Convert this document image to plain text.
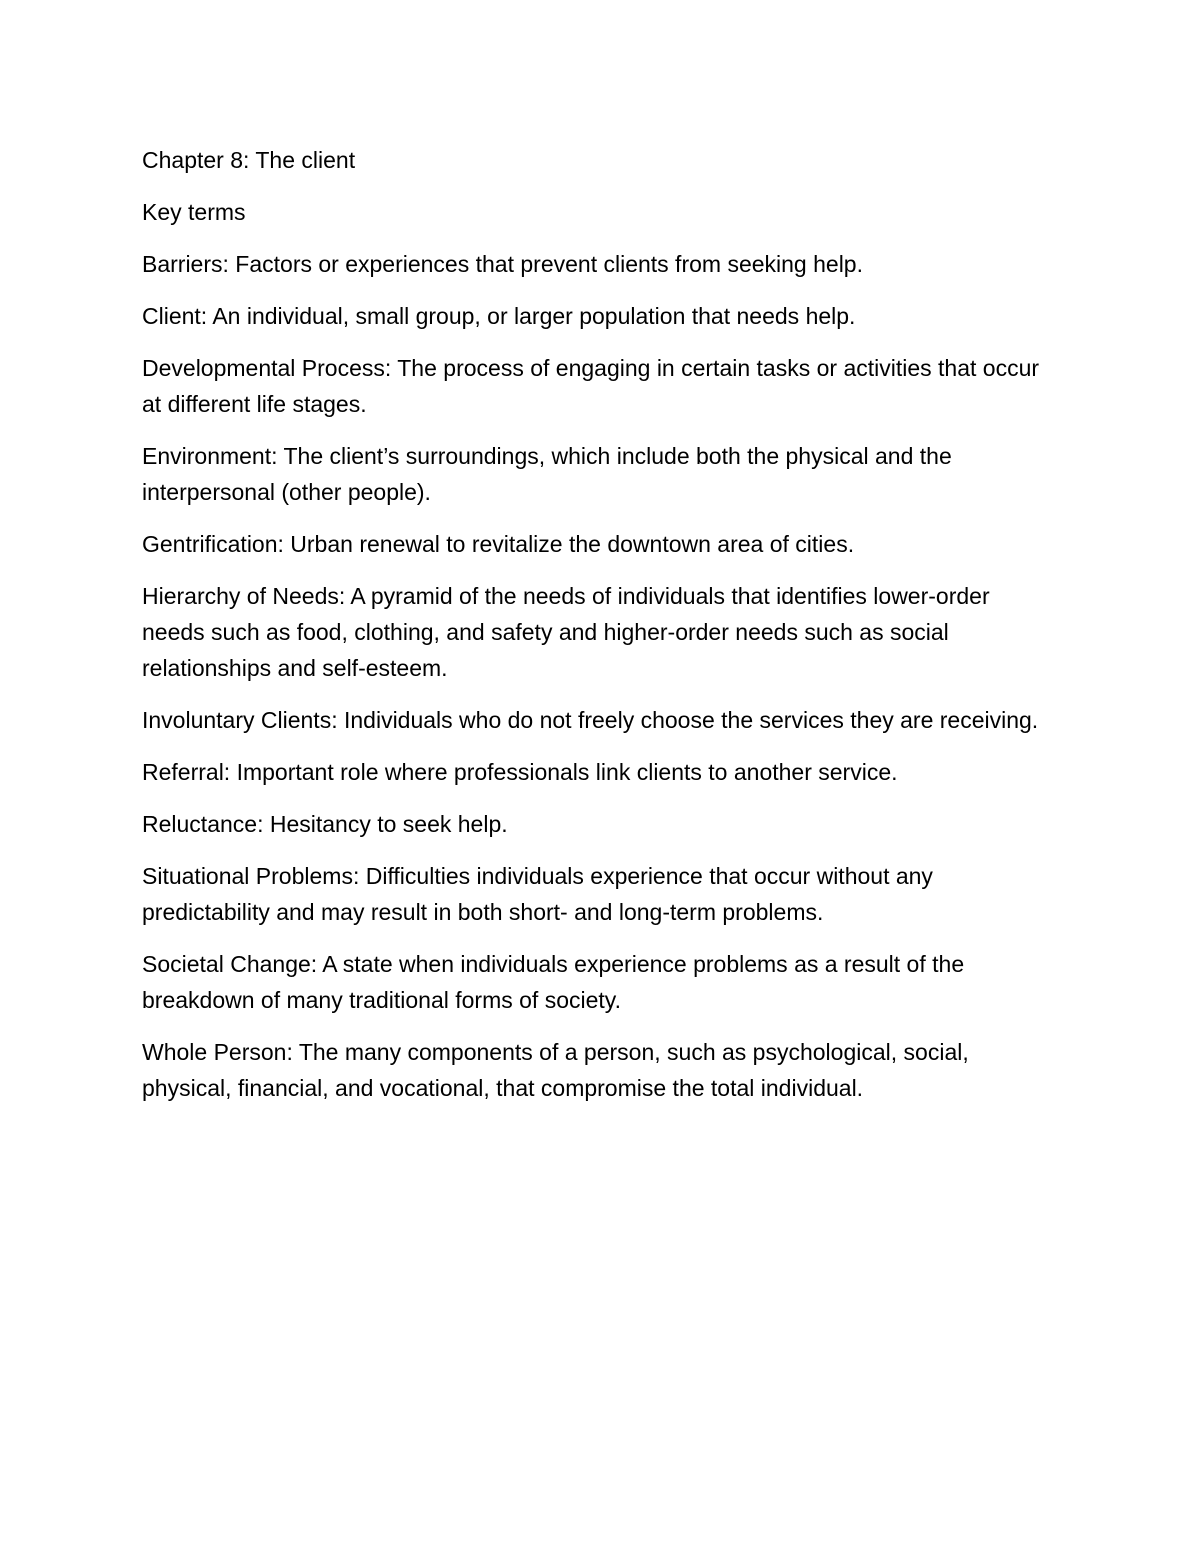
Chapter 8: The client

Key terms

Barriers: Factors or experiences that prevent clients from seeking help.

Client: An individual, small group, or larger population that needs help.

Developmental Process: The process of engaging in certain tasks or activities that occur at different life stages.

Environment: The client’s surroundings, which include both the physical and the interpersonal (other people).

Gentrification: Urban renewal to revitalize the downtown area of cities.

Hierarchy of Needs: A pyramid of the needs of individuals that identifies lower-order needs such as food, clothing, and safety and higher-order needs such as social relationships and self-esteem.

Involuntary Clients: Individuals who do not freely choose the services they are receiving.

Referral: Important role where professionals link clients to another service.

Reluctance: Hesitancy to seek help.

Situational Problems: Difficulties individuals experience that occur without any predictability and may result in both short- and long-term problems.

Societal Change: A state when individuals experience problems as a result of the breakdown of many traditional forms of society.

Whole Person: The many components of a person, such as psychological, social, physical, financial, and vocational, that compromise the total individual.
